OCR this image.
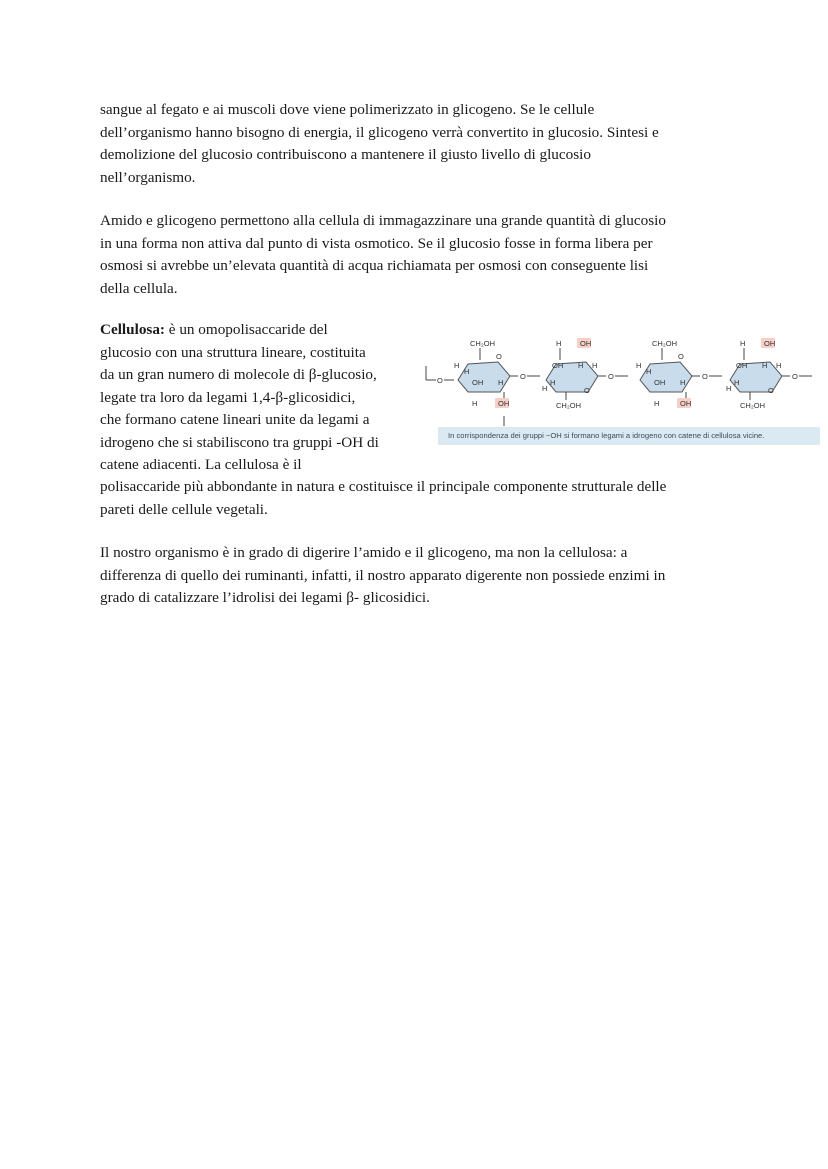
sangue al fegato e ai muscoli dove viene polimerizzato in glicogeno. Se le cellule
dell’organismo hanno bisogno di energia, il glicogeno verrà convertito in glucosio. Sintesi e
demolizione del glucosio contribuiscono a mantenere il giusto livello di glucosio
nell’organismo.

Amido e glicogeno permettono alla cellula di immagazzinare una grande quantità di glucosio
in una forma non attiva dal punto di vista osmotico. Se il glucosio fosse in forma libera per
osmosi si avrebbe un’elevata quantità di acqua richiamata per osmosi con conseguente lisi
della cellula.

Cellulosa: è un omopolisaccaride del
glucosio con una struttura lineare, costituita
da un gran numero di molecole di β-glucosio,
legate tra loro da legami 1,4-β-glicosidici,
che formano catene lineari unite da legami a
idrogeno che si stabiliscono tra gruppi -OH di
catene adiacenti. La cellulosa è il

polisaccaride più abbondante in natura e costituisce il principale componente strutturale delle
pareti delle cellule vegetali.

O
CH₂OH
O
H
H
OH H
H	OH
O
H OH
OH H H
H
H	O
CH₂OH
O
CH₂OH
O
H
H
OH H
H	OH
O
H OH
OH H H
H
H	O
CH₂OH
O
In corrispondenza dei gruppi −OH si formano legami a idrogeno con catene di cellulosa vicine.

Il nostro organismo è in grado di digerire l’amido e il glicogeno, ma non la cellulosa: a
differenza di quello dei ruminanti, infatti, il nostro apparato digerente non possiede enzimi in
grado di catalizzare l’idrolisi dei legami β- glicosidici.
